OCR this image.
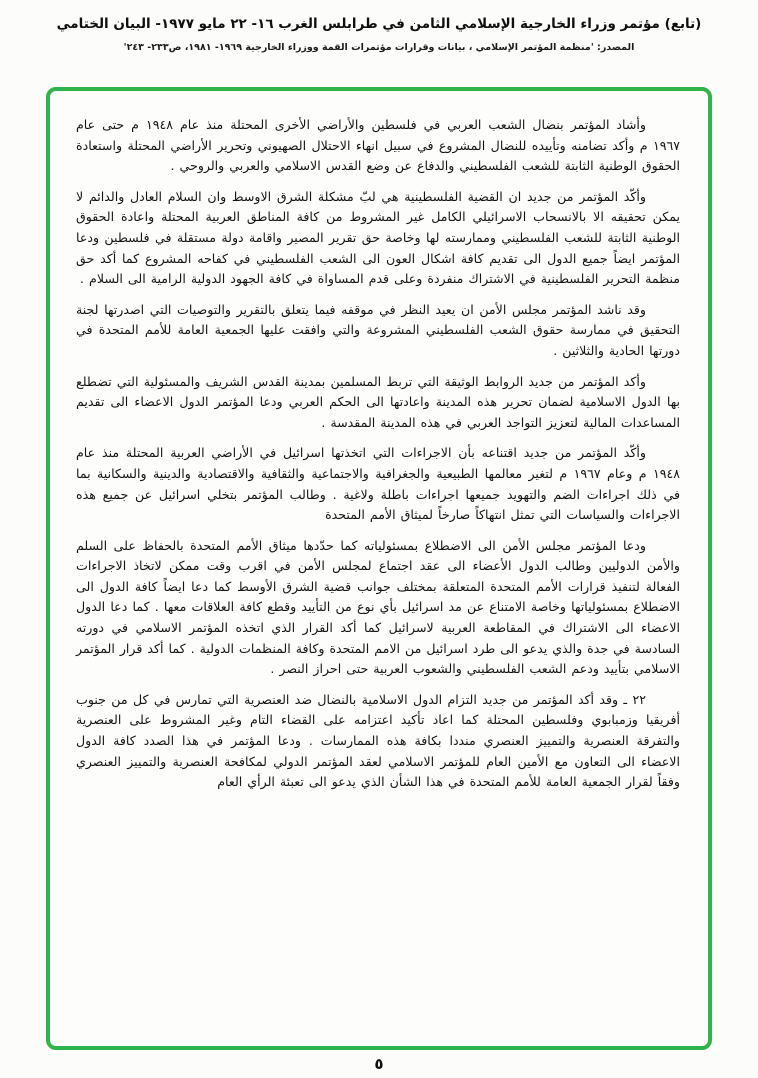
(تابع) مؤتمر وزراء الخارجية الإسلامي الثامن في طرابلس الغرب ١٦- ٢٢ مايو ١٩٧٧- البيان الختامي
المصدر: 'منظمة المؤتمر الإسلامي ، بيانات وقرارات مؤتمرات القمة ووزراء الخارجية ١٩٦٩- ١٩٨١، ص٢٣٣- ٢٤٣'

وأشاد المؤتمر بنضال الشعب العربي في فلسطين والأراضي الأخرى المحتلة منذ عام ١٩٤٨ م حتى عام ١٩٦٧ م وأكد تضامنه وتأييده للنضال المشروع في سبيل انهاء الاحتلال الصهيوني وتحرير الأراضي المحتلة واستعادة الحقوق الوطنية الثابتة للشعب الفلسطيني والدفاع عن وضع القدس الاسلامي والعربي والروحي .

وأكّد المؤتمر من جديد ان القضية الفلسطينية هي لبّ مشكلة الشرق الاوسط وان السلام العادل والدائم لا يمكن تحقيقه الا بالانسحاب الاسرائيلي الكامل غير المشروط من كافة المناطق العربية المحتلة واعادة الحقوق الوطنية الثابتة للشعب الفلسطيني وممارسته لها وخاصة حق تقرير المصير واقامة دولة مستقلة في فلسطين ودعا المؤتمر ايضاً جميع الدول الى تقديم كافة اشكال العون الى الشعب الفلسطيني في كفاحه المشروع كما أكد حق منظمة التحرير الفلسطينية في الاشتراك منفردة وعلى قدم المساواة في كافة الجهود الدولية الرامية الى السلام .

وقد ناشد المؤتمر مجلس الأمن ان يعيد النظر في موقفه فيما يتعلق بالتقرير والتوصيات التي اصدرتها لجنة التحقيق في ممارسة حقوق الشعب الفلسطيني المشروعة والتي وافقت عليها الجمعية العامة للأمم المتحدة في دورتها الحادية والثلاثين .

وأكد المؤتمر من جديد الروابط الوثيقة التي تربط المسلمين بمدينة القدس الشريف والمسئولية التي تضطلع بها الدول الاسلامية لضمان تحرير هذه المدينة واعادتها الى الحكم العربي ودعا المؤتمر الدول الاعضاء الى تقديم المساعدات المالية لتعزيز التواجد العربي في هذه المدينة المقدسة .

وأكّد المؤتمر من جديد اقتناعه بأن الاجراءات التي اتخذتها اسرائيل في الأراضي العربية المحتلة منذ عام ١٩٤٨ م وعام ١٩٦٧ م لتغير معالمها الطبيعية والجغرافية والاجتماعية والثقافية والاقتصادية والدينية والسكانية بما في ذلك اجراءات الضم والتهويد جميعها اجراءات باطلة ولاغية . وطالب المؤتمر بتخلي اسرائيل عن جميع هذه الاجراءات والسياسات التي تمثل انتهاكاً صارخاً لميثاق الأمم المتحدة

ودعا المؤتمر مجلس الأمن الى الاضطلاع بمسئولياته كما حدّدها ميثاق الأمم المتحدة بالحفاظ على السلم والأمن الدوليين وطالب الدول الأعضاء الى عقد اجتماع لمجلس الأمن في اقرب وقت ممكن لاتخاذ الاجراءات الفعالة لتنفيذ قرارات الأمم المتحدة المتعلقة بمختلف جوانب قضية الشرق الأوسط كما دعا ايضاً كافة الدول الى الاضطلاع بمسئولياتها وخاصة الامتناع عن مد اسرائيل بأي نوع من التأييد وقطع كافة العلاقات معها . كما دعا الدول الاعضاء الى الاشتراك في المقاطعة العربية لاسرائيل كما أكد القرار الذي اتخذه المؤتمر الاسلامي في دورته السادسة في جدة والذي يدعو الى طرد اسرائيل من الامم المتحدة وكافة المنظمات الدولية . كما أكد قرار المؤتمر الاسلامي بتأييد ودعم الشعب الفلسطيني والشعوب العربية حتى احراز النصر .

٢٢ ـ وقد أكد المؤتمر من جديد التزام الدول الاسلامية بالنضال ضد العنصرية التي تمارس في كل من جنوب أفريقيا وزمبابوي وفلسطين المحتلة كما اعاد تأكيد اعتزامه على القضاء التام وغير المشروط على العنصرية والتفرقة العنصرية والتمييز العنصري منددا بكافة هذه الممارسات . ودعا المؤتمر في هذا الصدد كافة الدول الاعضاء الى التعاون مع الأمين العام للمؤتمر الاسلامي لعقد المؤتمر الدولي لمكافحة العنصرية والتمييز العنصري وفقاً لقرار الجمعية العامة للأمم المتحدة في هذا الشأن الذي يدعو الى تعبئة الرأي العام

٥
